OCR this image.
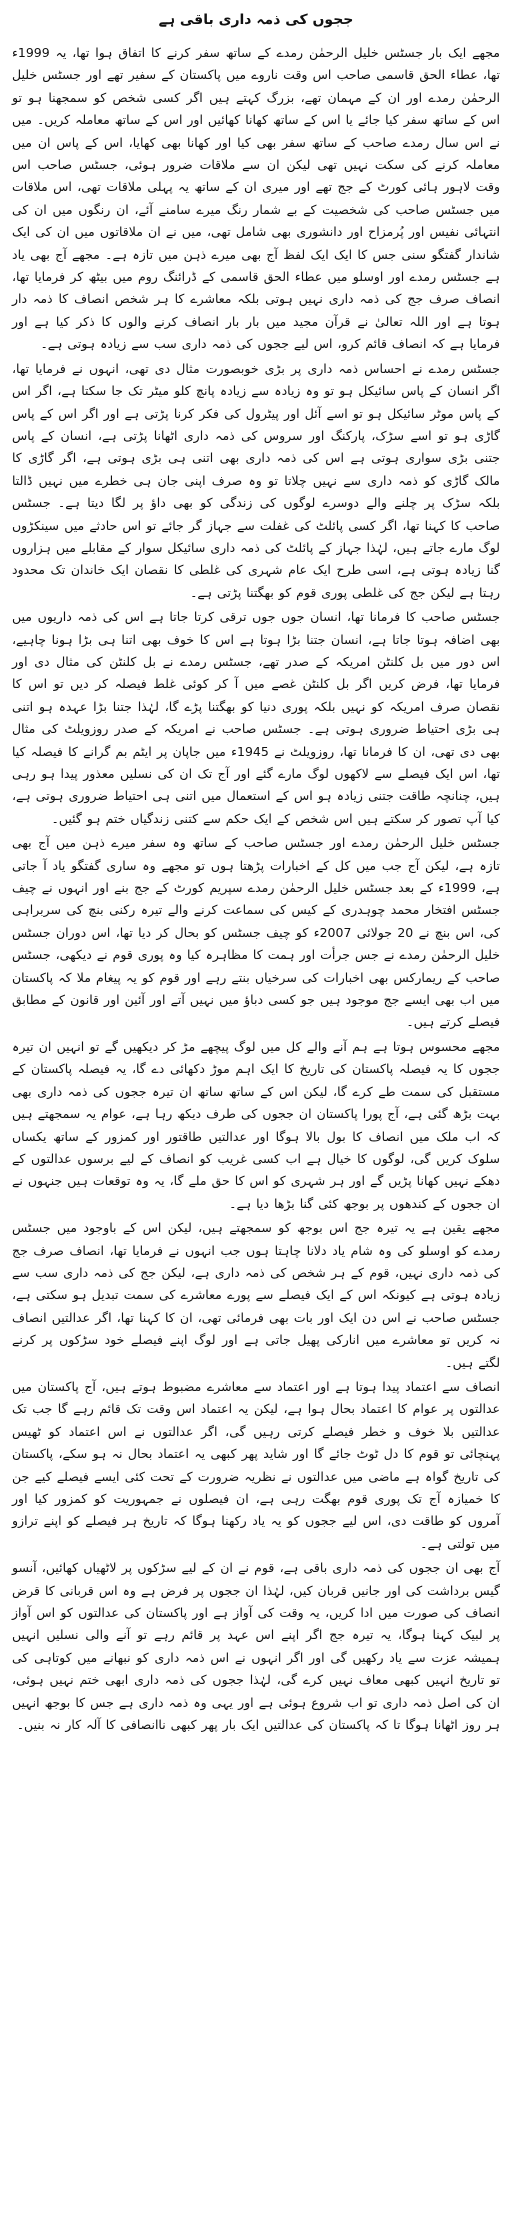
ججوں کی ذمہ داری باقی ہے

مجھے ایک بار جسٹس خلیل الرحمٰن رمدے کے ساتھ سفر کرنے کا اتفاق ہوا تھا، یہ 1999ء تھا، عطاء الحق قاسمی صاحب اس وقت ناروے میں پاکستان کے سفیر تھے اور جسٹس خلیل الرحمٰن رمدے اور ان کے مہمان تھے، بزرگ کہتے ہیں اگر کسی شخص کو سمجھنا ہو تو اس کے ساتھ سفر کیا جائے یا اس کے ساتھ کھانا کھائیں اور اس کے ساتھ معاملہ کریں۔ میں نے اس سال رمدے صاحب کے ساتھ سفر بھی کیا اور کھانا بھی کھایا، اس کے پاس ان میں معاملہ کرنے کی سکت نہیں تھی لیکن ان سے ملاقات ضرور ہوئی، جسٹس صاحب اس وقت لاہور ہائی کورٹ کے جج تھے اور میری ان کے ساتھ یہ پہلی ملاقات تھی، اس ملاقات میں جسٹس صاحب کی شخصیت کے بے شمار رنگ میرے سامنے آئے، ان رنگوں میں ان کی انتہائی نفیس اور پُرمزاح اور دانشوری بھی شامل تھی، میں نے ان ملاقاتوں میں ان کی ایک شاندار گفتگو سنی جس کا ایک ایک لفظ آج بھی میرے ذہن میں تازہ ہے۔ مجھے آج بھی یاد ہے جسٹس رمدے اور اوسلو میں عطاء الحق قاسمی کے ڈرائنگ روم میں بیٹھ کر فرمایا تھا، انصاف صرف جج کی ذمہ داری نہیں ہوتی بلکہ معاشرے کا ہر شخص انصاف کا ذمہ دار ہوتا ہے اور اللہ تعالیٰ نے قرآن مجید میں بار بار انصاف کرنے والوں کا ذکر کیا ہے اور فرمایا ہے کہ انصاف قائم کرو، اس لیے ججوں کی ذمہ داری سب سے زیادہ ہوتی ہے۔

جسٹس رمدے نے احساس ذمہ داری پر بڑی خوبصورت مثال دی تھی، انہوں نے فرمایا تھا، اگر انسان کے پاس سائیکل ہو تو وہ زیادہ سے زیادہ پانچ کلو میٹر تک جا سکتا ہے، اگر اس کے پاس موٹر سائیکل ہو تو اسے آئل اور پیٹرول کی فکر کرنا پڑتی ہے اور اگر اس کے پاس گاڑی ہو تو اسے سڑک، پارکنگ اور سروس کی ذمہ داری اٹھانا پڑتی ہے، انسان کے پاس جتنی بڑی سواری ہوتی ہے اس کی ذمہ داری بھی اتنی ہی بڑی ہوتی ہے، اگر گاڑی کا مالک گاڑی کو ذمہ داری سے نہیں چلاتا تو وہ صرف اپنی جان ہی خطرے میں نہیں ڈالتا بلکہ سڑک پر چلنے والے دوسرے لوگوں کی زندگی کو بھی داؤ پر لگا دیتا ہے۔ جسٹس صاحب کا کہنا تھا، اگر کسی پائلٹ کی غفلت سے جہاز گر جائے تو اس حادثے میں سینکڑوں لوگ مارے جاتے ہیں، لہٰذا جہاز کے پائلٹ کی ذمہ داری سائیکل سوار کے مقابلے میں ہزاروں گنا زیادہ ہوتی ہے، اسی طرح ایک عام شہری کی غلطی کا نقصان ایک خاندان تک محدود رہتا ہے لیکن جج کی غلطی پوری قوم کو بھگتنا پڑتی ہے۔

جسٹس صاحب کا فرمانا تھا، انسان جوں جوں ترقی کرتا جاتا ہے اس کی ذمہ داریوں میں بھی اضافہ ہوتا جاتا ہے، انسان جتنا بڑا ہوتا ہے اس کا خوف بھی اتنا ہی بڑا ہونا چاہیے، اس دور میں بل کلنٹن امریکہ کے صدر تھے، جسٹس رمدے نے بل کلنٹن کی مثال دی اور فرمایا تھا، فرض کریں اگر بل کلنٹن غصے میں آ کر کوئی غلط فیصلہ کر دیں تو اس کا نقصان صرف امریکہ کو نہیں بلکہ پوری دنیا کو بھگتنا پڑے گا، لہٰذا جتنا بڑا عہدہ ہو اتنی ہی بڑی احتیاط ضروری ہوتی ہے۔ جسٹس صاحب نے امریکہ کے صدر روزویلٹ کی مثال بھی دی تھی، ان کا فرمانا تھا، روزویلٹ نے 1945ء میں جاپان پر ایٹم بم گرانے کا فیصلہ کیا تھا، اس ایک فیصلے سے لاکھوں لوگ مارے گئے اور آج تک ان کی نسلیں معذور پیدا ہو رہی ہیں، چنانچہ طاقت جتنی زیادہ ہو اس کے استعمال میں اتنی ہی احتیاط ضروری ہوتی ہے، کیا آپ تصور کر سکتے ہیں اس شخص کے ایک حکم سے کتنی زندگیاں ختم ہو گئیں۔

جسٹس خلیل الرحمٰن رمدے اور جسٹس صاحب کے ساتھ وہ سفر میرے ذہن میں آج بھی تازہ ہے، لیکن آج جب میں کل کے اخبارات پڑھتا ہوں تو مجھے وہ ساری گفتگو یاد آ جاتی ہے، 1999ء کے بعد جسٹس خلیل الرحمٰن رمدے سپریم کورٹ کے جج بنے اور انہوں نے چیف جسٹس افتخار محمد چوہدری کے کیس کی سماعت کرنے والے تیرہ رکنی بنچ کی سربراہی کی، اس بنچ نے 20 جولائی 2007ء کو چیف جسٹس کو بحال کر دیا تھا، اس دوران جسٹس خلیل الرحمٰن رمدے نے جس جرأت اور ہمت کا مظاہرہ کیا وہ پوری قوم نے دیکھی، جسٹس صاحب کے ریمارکس بھی اخبارات کی سرخیاں بنتے رہے اور قوم کو یہ پیغام ملا کہ پاکستان میں اب بھی ایسے جج موجود ہیں جو کسی دباؤ میں نہیں آتے اور آئین اور قانون کے مطابق فیصلے کرتے ہیں۔

مجھے محسوس ہوتا ہے ہم آنے والے کل میں لوگ پیچھے مڑ کر دیکھیں گے تو انہیں ان تیرہ ججوں کا یہ فیصلہ پاکستان کی تاریخ کا ایک اہم موڑ دکھائی دے گا، یہ فیصلہ پاکستان کے مستقبل کی سمت طے کرے گا، لیکن اس کے ساتھ ساتھ ان تیرہ ججوں کی ذمہ داری بھی بہت بڑھ گئی ہے، آج پورا پاکستان ان ججوں کی طرف دیکھ رہا ہے، عوام یہ سمجھتے ہیں کہ اب ملک میں انصاف کا بول بالا ہوگا اور عدالتیں طاقتور اور کمزور کے ساتھ یکساں سلوک کریں گی، لوگوں کا خیال ہے اب کسی غریب کو انصاف کے لیے برسوں عدالتوں کے دھکے نہیں کھانا پڑیں گے اور ہر شہری کو اس کا حق ملے گا، یہ وہ توقعات ہیں جنہوں نے ان ججوں کے کندھوں پر بوجھ کئی گنا بڑھا دیا ہے۔

مجھے یقین ہے یہ تیرہ جج اس بوجھ کو سمجھتے ہیں، لیکن اس کے باوجود میں جسٹس رمدے کو اوسلو کی وہ شام یاد دلانا چاہتا ہوں جب انہوں نے فرمایا تھا، انصاف صرف جج کی ذمہ داری نہیں، قوم کے ہر شخص کی ذمہ داری ہے، لیکن جج کی ذمہ داری سب سے زیادہ ہوتی ہے کیونکہ اس کے ایک فیصلے سے پورے معاشرے کی سمت تبدیل ہو سکتی ہے، جسٹس صاحب نے اس دن ایک اور بات بھی فرمائی تھی، ان کا کہنا تھا، اگر عدالتیں انصاف نہ کریں تو معاشرے میں انارکی پھیل جاتی ہے اور لوگ اپنے فیصلے خود سڑکوں پر کرنے لگتے ہیں۔

انصاف سے اعتماد پیدا ہوتا ہے اور اعتماد سے معاشرے مضبوط ہوتے ہیں، آج پاکستان میں عدالتوں پر عوام کا اعتماد بحال ہوا ہے، لیکن یہ اعتماد اس وقت تک قائم رہے گا جب تک عدالتیں بلا خوف و خطر فیصلے کرتی رہیں گی، اگر عدالتوں نے اس اعتماد کو ٹھیس پہنچائی تو قوم کا دل ٹوٹ جائے گا اور شاید پھر کبھی یہ اعتماد بحال نہ ہو سکے، پاکستان کی تاریخ گواہ ہے ماضی میں عدالتوں نے نظریہ ضرورت کے تحت کئی ایسے فیصلے کیے جن کا خمیازہ آج تک پوری قوم بھگت رہی ہے، ان فیصلوں نے جمہوریت کو کمزور کیا اور آمروں کو طاقت دی، اس لیے ججوں کو یہ یاد رکھنا ہوگا کہ تاریخ ہر فیصلے کو اپنے ترازو میں تولتی ہے۔

آج بھی ان ججوں کی ذمہ داری باقی ہے، قوم نے ان کے لیے سڑکوں پر لاٹھیاں کھائیں، آنسو گیس برداشت کی اور جانیں قربان کیں، لہٰذا ان ججوں پر فرض ہے وہ اس قربانی کا قرض انصاف کی صورت میں ادا کریں، یہ وقت کی آواز ہے اور پاکستان کی عدالتوں کو اس آواز پر لبیک کہنا ہوگا، یہ تیرہ جج اگر اپنے اس عہد پر قائم رہے تو آنے والی نسلیں انہیں ہمیشہ عزت سے یاد رکھیں گی اور اگر انہوں نے اس ذمہ داری کو نبھانے میں کوتاہی کی تو تاریخ انہیں کبھی معاف نہیں کرے گی، لہٰذا ججوں کی ذمہ داری ابھی ختم نہیں ہوئی، ان کی اصل ذمہ داری تو اب شروع ہوئی ہے اور یہی وہ ذمہ داری ہے جس کا بوجھ انہیں ہر روز اٹھانا ہوگا تا کہ پاکستان کی عدالتیں ایک بار پھر کبھی ناانصافی کا آلہ کار نہ بنیں۔
